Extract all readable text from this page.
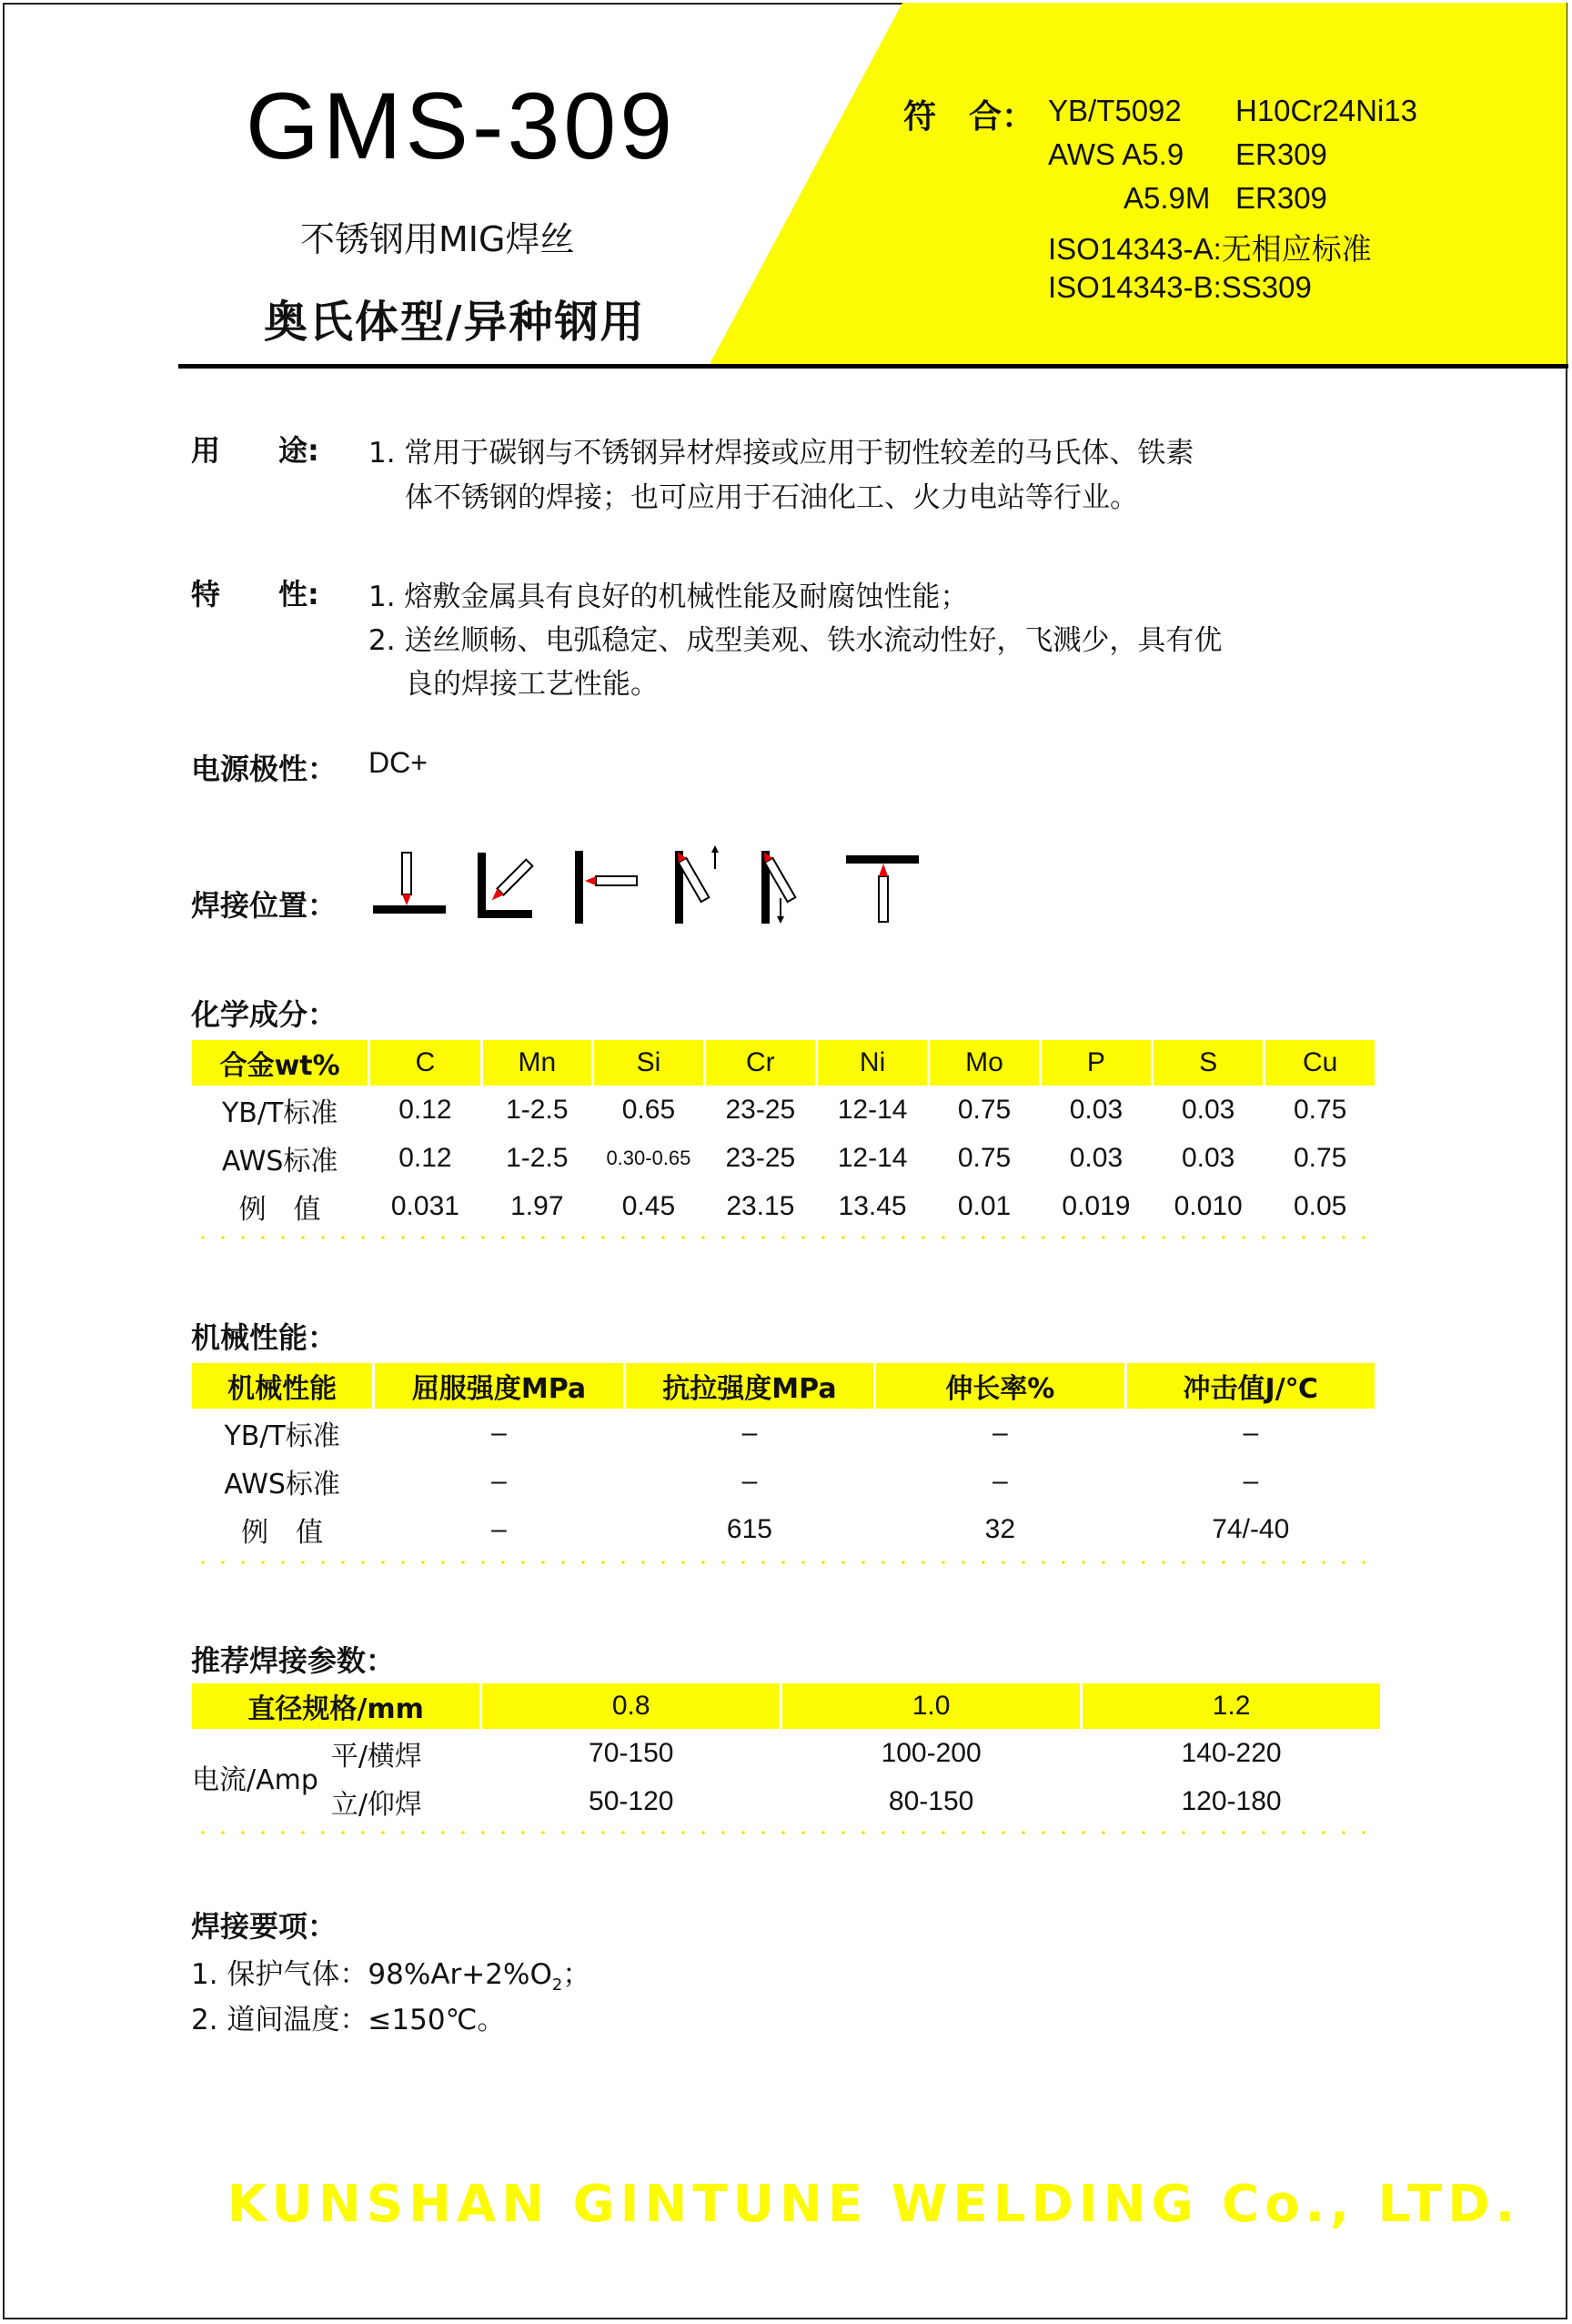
GMS-309
不锈钢用MIG焊丝
奥氏体型/异种钢用
符　合： YB/T5092 H10Cr24Ni13
AWS A5.9 ER309
A5.9M ER309
ISO14343-A:无相应标准
ISO14343-B:SS309
用　　途: 1. 常用于碳钢与不锈钢异材焊接或应用于韧性较差的马氏体、铁素
体不锈钢的焊接；也可应用于石油化工、火力电站等行业。
特　　性: 1. 熔敷金属具有良好的机械性能及耐腐蚀性能；
2. 送丝顺畅、电弧稳定、成型美观、铁水流动性好，飞溅少，具有优
良的焊接工艺性能。
电源极性： DC+
焊接位置：
化学成分：
合金wt%	C	Mn	Si	Cr	Ni	Mo	P	S	Cu
YB/T标准	0.12	1-2.5	0.65	23-25	12-14	0.75	0.03	0.03	0.75
AWS标准	0.12	1-2.5	0.30-0.65	23-25	12-14	0.75	0.03	0.03	0.75
例　值	0.031	1.97	0.45	23.15	13.45	0.01	0.019	0.010	0.05
机械性能：
机械性能	屈服强度MPa	抗拉强度MPa	伸长率%	冲击值J/℃
YB/T标准	–	–	–	–
AWS标准	–	–	–	–
例　值	–	615	32	74/-40
推荐焊接参数：
直径规格/mm		0.8	1.0	1.2
电流/Amp	平/横焊	70-150	100-200	140-220
	立/仰焊	50-120	80-150	120-180
焊接要项：
1. 保护气体：$98\%Ar+2\%O_2$；
2. 道间温度：≤150℃。
KUNSHAN GINTUNE WELDING Co., LTD.
